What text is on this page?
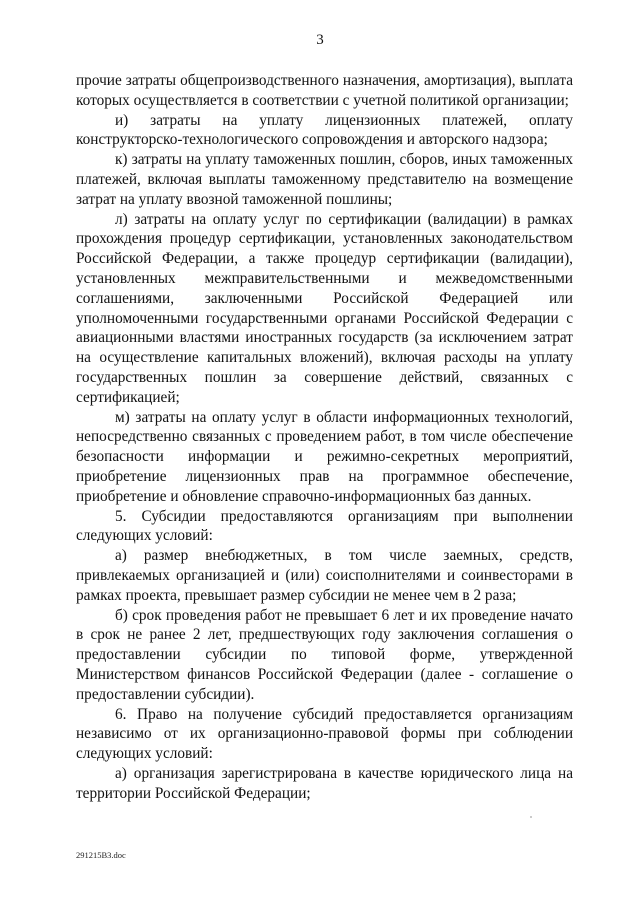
3

прочие затраты общепроизводственного назначения, амортизация), выплата которых осуществляется в соответствии с учетной политикой организации;

и) затраты на уплату лицензионных платежей, оплату конструкторско-технологического сопровождения и авторского надзора;

к) затраты на уплату таможенных пошлин, сборов, иных таможенных платежей, включая выплаты таможенному представителю на возмещение затрат на уплату ввозной таможенной пошлины;

л) затраты на оплату услуг по сертификации (валидации) в рамках прохождения процедур сертификации, установленных законодательством Российской Федерации, а также процедур сертификации (валидации), установленных межправительственными и межведомственными соглашениями, заключенными Российской Федерацией или уполномоченными государственными органами Российской Федерации с авиационными властями иностранных государств (за исключением затрат на осуществление капитальных вложений), включая расходы на уплату государственных пошлин за совершение действий, связанных с сертификацией;

м) затраты на оплату услуг в области информационных технологий, непосредственно связанных с проведением работ, в том числе обеспечение безопасности информации и режимно-секретных мероприятий, приобретение лицензионных прав на программное обеспечение, приобретение и обновление справочно-информационных баз данных.

5. Субсидии предоставляются организациям при выполнении следующих условий:

а) размер внебюджетных, в том числе заемных, средств, привлекаемых организацией и (или) соисполнителями и соинвесторами в рамках проекта, превышает размер субсидии не менее чем в 2 раза;

б) срок проведения работ не превышает 6 лет и их проведение начато в срок не ранее 2 лет, предшествующих году заключения соглашения о предоставлении субсидии по типовой форме, утвержденной Министерством финансов Российской Федерации (далее - соглашение о предоставлении субсидии).

6. Право на получение субсидий предоставляется организациям независимо от их организационно-правовой формы при соблюдении следующих условий:

а) организация зарегистрирована в качестве юридического лица на территории Российской Федерации;

291215B3.doc
